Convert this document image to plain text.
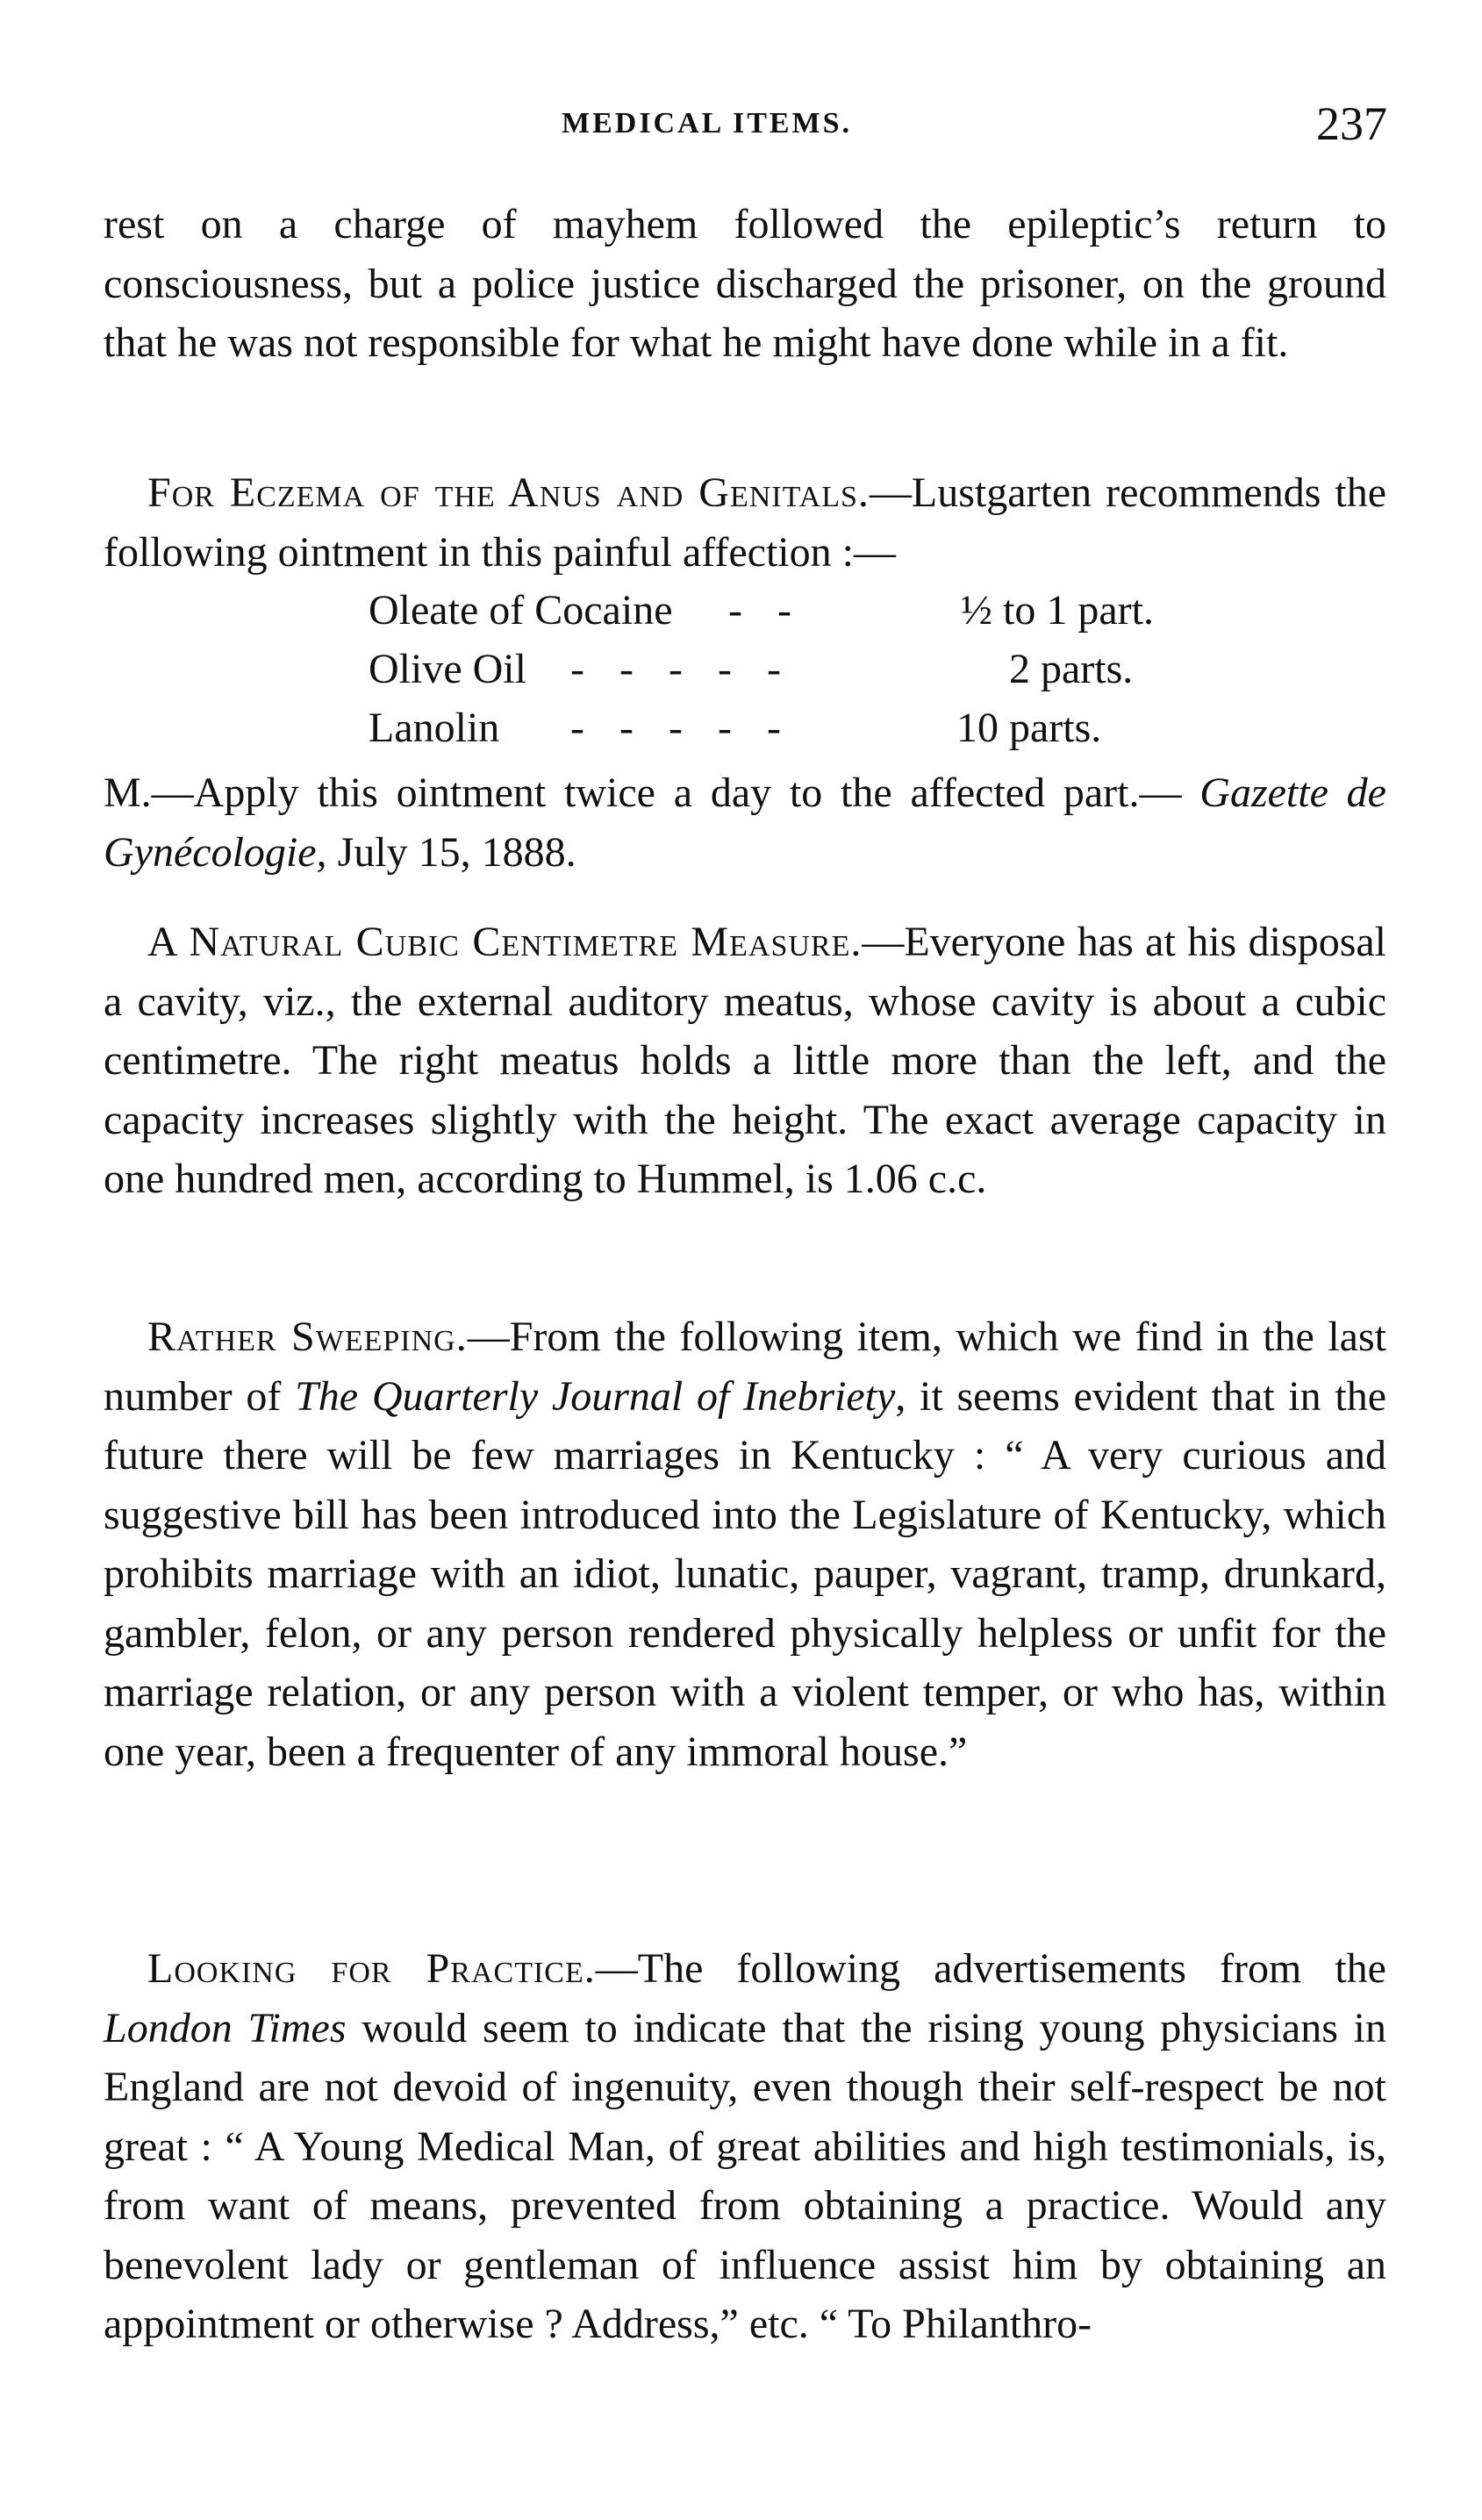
MEDICAL ITEMS.	237

rest on a charge of mayhem followed the epileptic’s return to consciousness, but a police justice discharged the prisoner, on the ground that he was not responsible for what he might have done while in a fit.

For Eczema of the Anus and Genitals.—Lustgarten recommends the following ointment in this painful affection :—

Oleate of Cocaine - -	½ to 1 part.
Olive Oil - - - - -	2 parts.
Lanolin - - - - -	10 parts.

M.—Apply this ointment twice a day to the affected part.— Gazette de Gynécologie, July 15, 1888.

A Natural Cubic Centimetre Measure.—Everyone has at his disposal a cavity, viz., the external auditory meatus, whose cavity is about a cubic centimetre. The right meatus holds a little more than the left, and the capacity increases slightly with the height. The exact average capacity in one hundred men, according to Hummel, is 1.06 c.c.

Rather Sweeping.—From the following item, which we find in the last number of The Quarterly Journal of Inebriety, it seems evident that in the future there will be few marriages in Kentucky : “ A very curious and suggestive bill has been introduced into the Legislature of Kentucky, which prohibits marriage with an idiot, lunatic, pauper, vagrant, tramp, drunkard, gambler, felon, or any person rendered physically helpless or unfit for the marriage relation, or any person with a violent temper, or who has, within one year, been a frequenter of any immoral house.”

Looking for Practice.—The following advertisements from the London Times would seem to indicate that the rising young physicians in England are not devoid of ingenuity, even though their self-respect be not great : “ A Young Medical Man, of great abilities and high testimonials, is, from want of means, prevented from obtaining a practice. Would any benevolent lady or gentleman of influence assist him by obtaining an appointment or otherwise ? Address,” etc. “ To Philanthro-
